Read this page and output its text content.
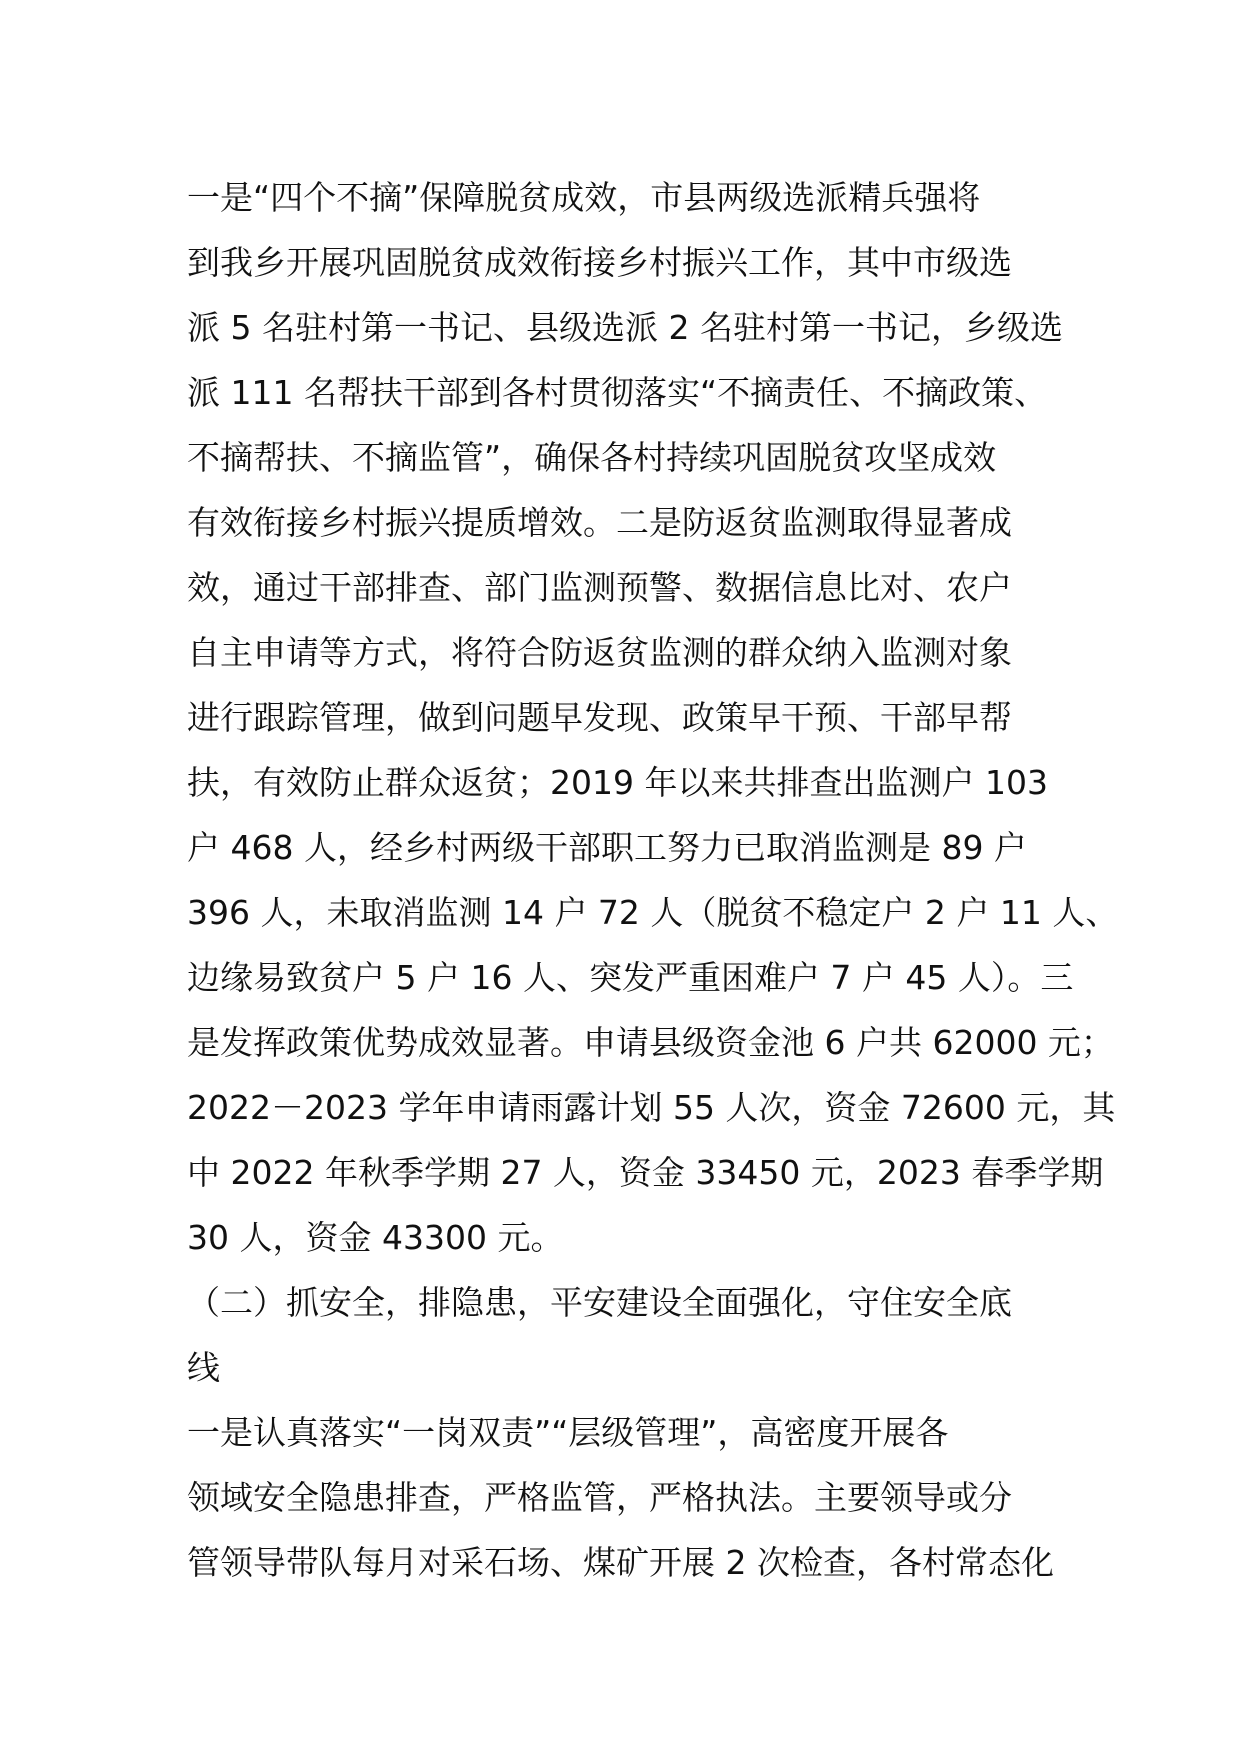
一是“四个不摘”保障脱贫成效，市县两级选派精兵强将
到我乡开展巩固脱贫成效衔接乡村振兴工作，其中市级选
派 5 名驻村第一书记、县级选派 2 名驻村第一书记，乡级选
派 111 名帮扶干部到各村贯彻落实“不摘责任、不摘政策、
不摘帮扶、不摘监管”，确保各村持续巩固脱贫攻坚成效
有效衔接乡村振兴提质增效。二是防返贫监测取得显著成
效，通过干部排查、部门监测预警、数据信息比对、农户
自主申请等方式，将符合防返贫监测的群众纳入监测对象
进行跟踪管理，做到问题早发现、政策早干预、干部早帮
扶，有效防止群众返贫；2019 年以来共排查出监测户 103
户 468 人，经乡村两级干部职工努力已取消监测是 89 户
396 人，未取消监测 14 户 72 人（脱贫不稳定户 2 户 11 人、
边缘易致贫户 5 户 16 人、突发严重困难户 7 户 45 人）。三
是发挥政策优势成效显著。申请县级资金池 6 户共 62000 元；
2022－2023 学年申请雨露计划 55 人次，资金 72600 元，其
中 2022 年秋季学期 27 人，资金 33450 元，2023 春季学期
30 人，资金 43300 元。

（二）抓安全，排隐患，平安建设全面强化，守住安全底
线

一是认真落实“一岗双责”“层级管理”，高密度开展各
领域安全隐患排查，严格监管，严格执法。主要领导或分
管领导带队每月对采石场、煤矿开展 2 次检查，各村常态化
